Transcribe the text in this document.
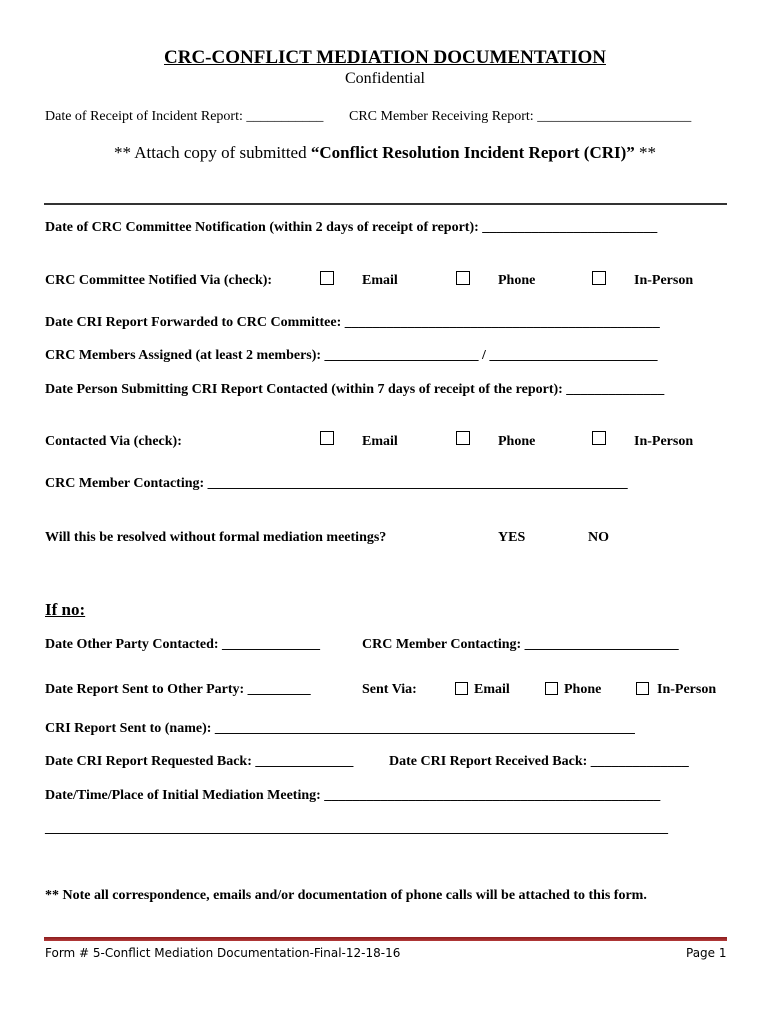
CRC-CONFLICT MEDIATION DOCUMENTATION
Confidential
Date of Receipt of Incident Report: ___________ CRC Member Receiving Report: ______________________
** Attach copy of submitted “Conflict Resolution Incident Report (CRI)” **
Date of CRC Committee Notification (within 2 days of receipt of report): _________________________
CRC Committee Notified Via (check):	Email	Phone	In-Person
Date CRI Report Forwarded to CRC Committee: _____________________________________________
CRC Members Assigned (at least 2 members): ______________________ / ________________________
Date Person Submitting CRI Report Contacted (within 7 days of receipt of the report): ______________
Contacted Via (check):	Email	Phone	In-Person
CRC Member Contacting: ____________________________________________________________
Will this be resolved without formal mediation meetings?	YES	NO
If no:
Date Other Party Contacted: ______________	CRC Member Contacting: ______________________
Date Report Sent to Other Party: _________	Sent Via:	Email	Phone	In-Person
CRI Report Sent to (name): ____________________________________________________________
Date CRI Report Requested Back: ______________	Date CRI Report Received Back: ______________
Date/Time/Place of Initial Mediation Meeting: ________________________________________________
_________________________________________________________________________________________
** Note all correspondence, emails and/or documentation of phone calls will be attached to this form.
Form # 5-Conflict Mediation Documentation-Final-12-18-16	Page 1
